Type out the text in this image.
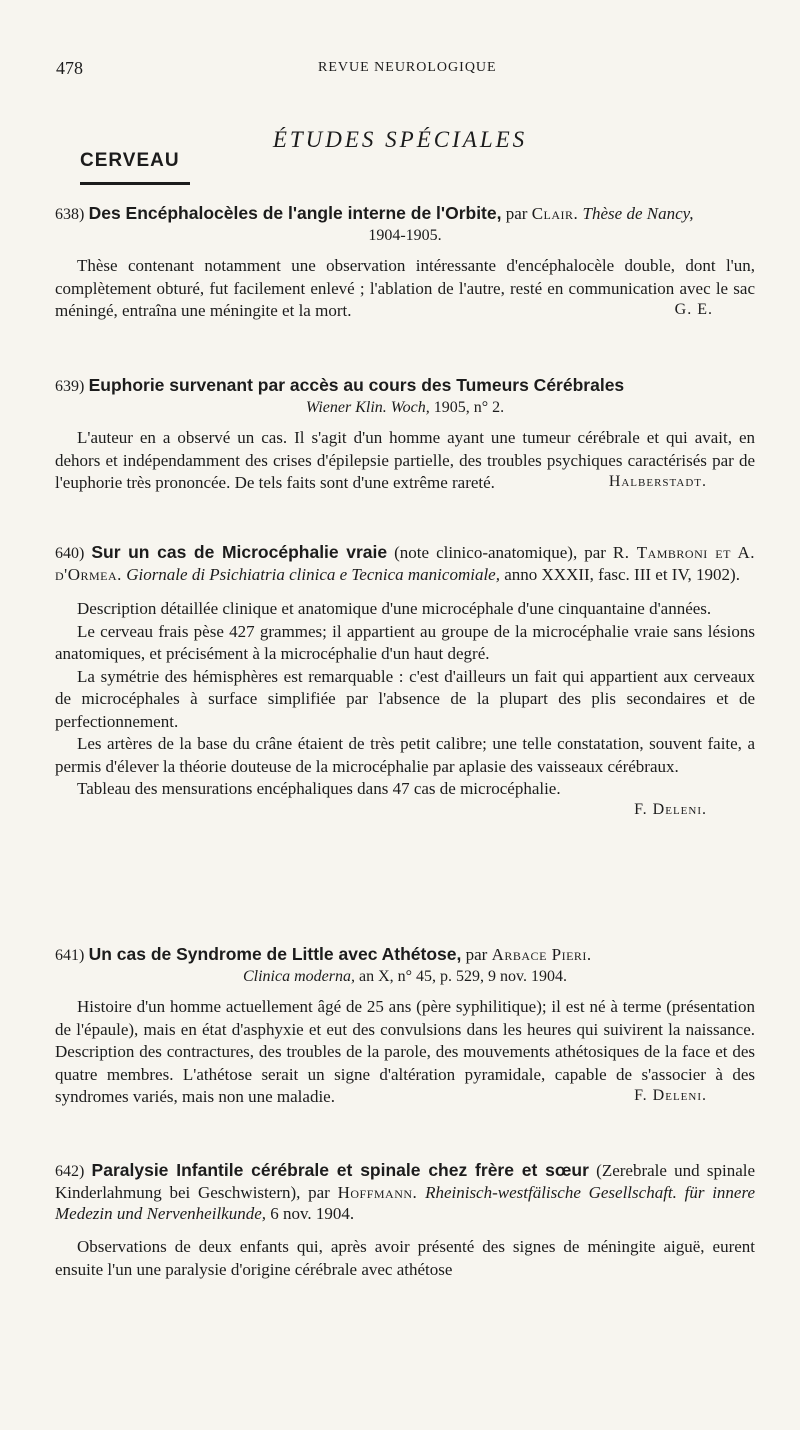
478	REVUE NEUROLOGIQUE
ÉTUDES SPÉCIALES
CERVEAU
638) Des Encéphalocèles de l'angle interne de l'Orbite, par Clair. Thèse de Nancy,
1904-1905.

Thèse contenant notamment une observation intéressante d'encéphalocèle double, dont l'un, complètement obturé, fut facilement enlevé ; l'ablation de l'autre, resté en communication avec le sac méningé, entraîna une méningite et la mort.	G. E.
639) Euphorie survenant par accès au cours des Tumeurs Cérébrales
Wiener Klin. Woch, 1905, n° 2.

L'auteur en a observé un cas. Il s'agit d'un homme ayant une tumeur cérébrale et qui avait, en dehors et indépendamment des crises d'épilepsie partielle, des troubles psychiques caractérisés par de l'euphorie très prononcée. De tels faits sont d'une extrême rareté.	Halberstadt.
640) Sur un cas de Microcéphalie vraie (note clinico-anatomique), par R. Tambroni et A. d'Ormea. Giornale di Psichiatria clinica e Tecnica manicomiale, anno XXXII, fasc. III et IV, 1902).

Description détaillée clinique et anatomique d'une microcéphale d'une cinquantaine d'années.

Le cerveau frais pèse 427 grammes; il appartient au groupe de la microcéphalie vraie sans lésions anatomiques, et précisément à la microcéphalie d'un haut degré.

La symétrie des hémisphères est remarquable : c'est d'ailleurs un fait qui appartient aux cerveaux de microcéphales à surface simplifiée par l'absence de la plupart des plis secondaires et de perfectionnement.

Les artères de la base du crâne étaient de très petit calibre; une telle constatation, souvent faite, a permis d'élever la théorie douteuse de la microcéphalie par aplasie des vaisseaux cérébraux.

Tableau des mensurations encéphaliques dans 47 cas de microcéphalie.

F. Deleni.
641) Un cas de Syndrome de Little avec Athétose, par Arbace Pieri.
Clinica moderna, an X, n° 45, p. 529, 9 nov. 1904.

Histoire d'un homme actuellement âgé de 25 ans (père syphilitique); il est né à terme (présentation de l'épaule), mais en état d'asphyxie et eut des convulsions dans les heures qui suivirent la naissance. Description des contractures, des troubles de la parole, des mouvements athétosiques de la face et des quatre membres. L'athétose serait un signe d'altération pyramidale, capable de s'associer à des syndromes variés, mais non une maladie.	F. Deleni.
642) Paralysie Infantile cérébrale et spinale chez frère et sœur (Zerebrale und spinale Kinderlahmung bei Geschwistern), par Hoffmann. Rheinisch-westfälische Gesellschaft. für innere Medezin und Nervenheilkunde, 6 nov. 1904.

Observations de deux enfants qui, après avoir présenté des signes de méningite aiguë, eurent ensuite l'un une paralysie d'origine cérébrale avec athétose
